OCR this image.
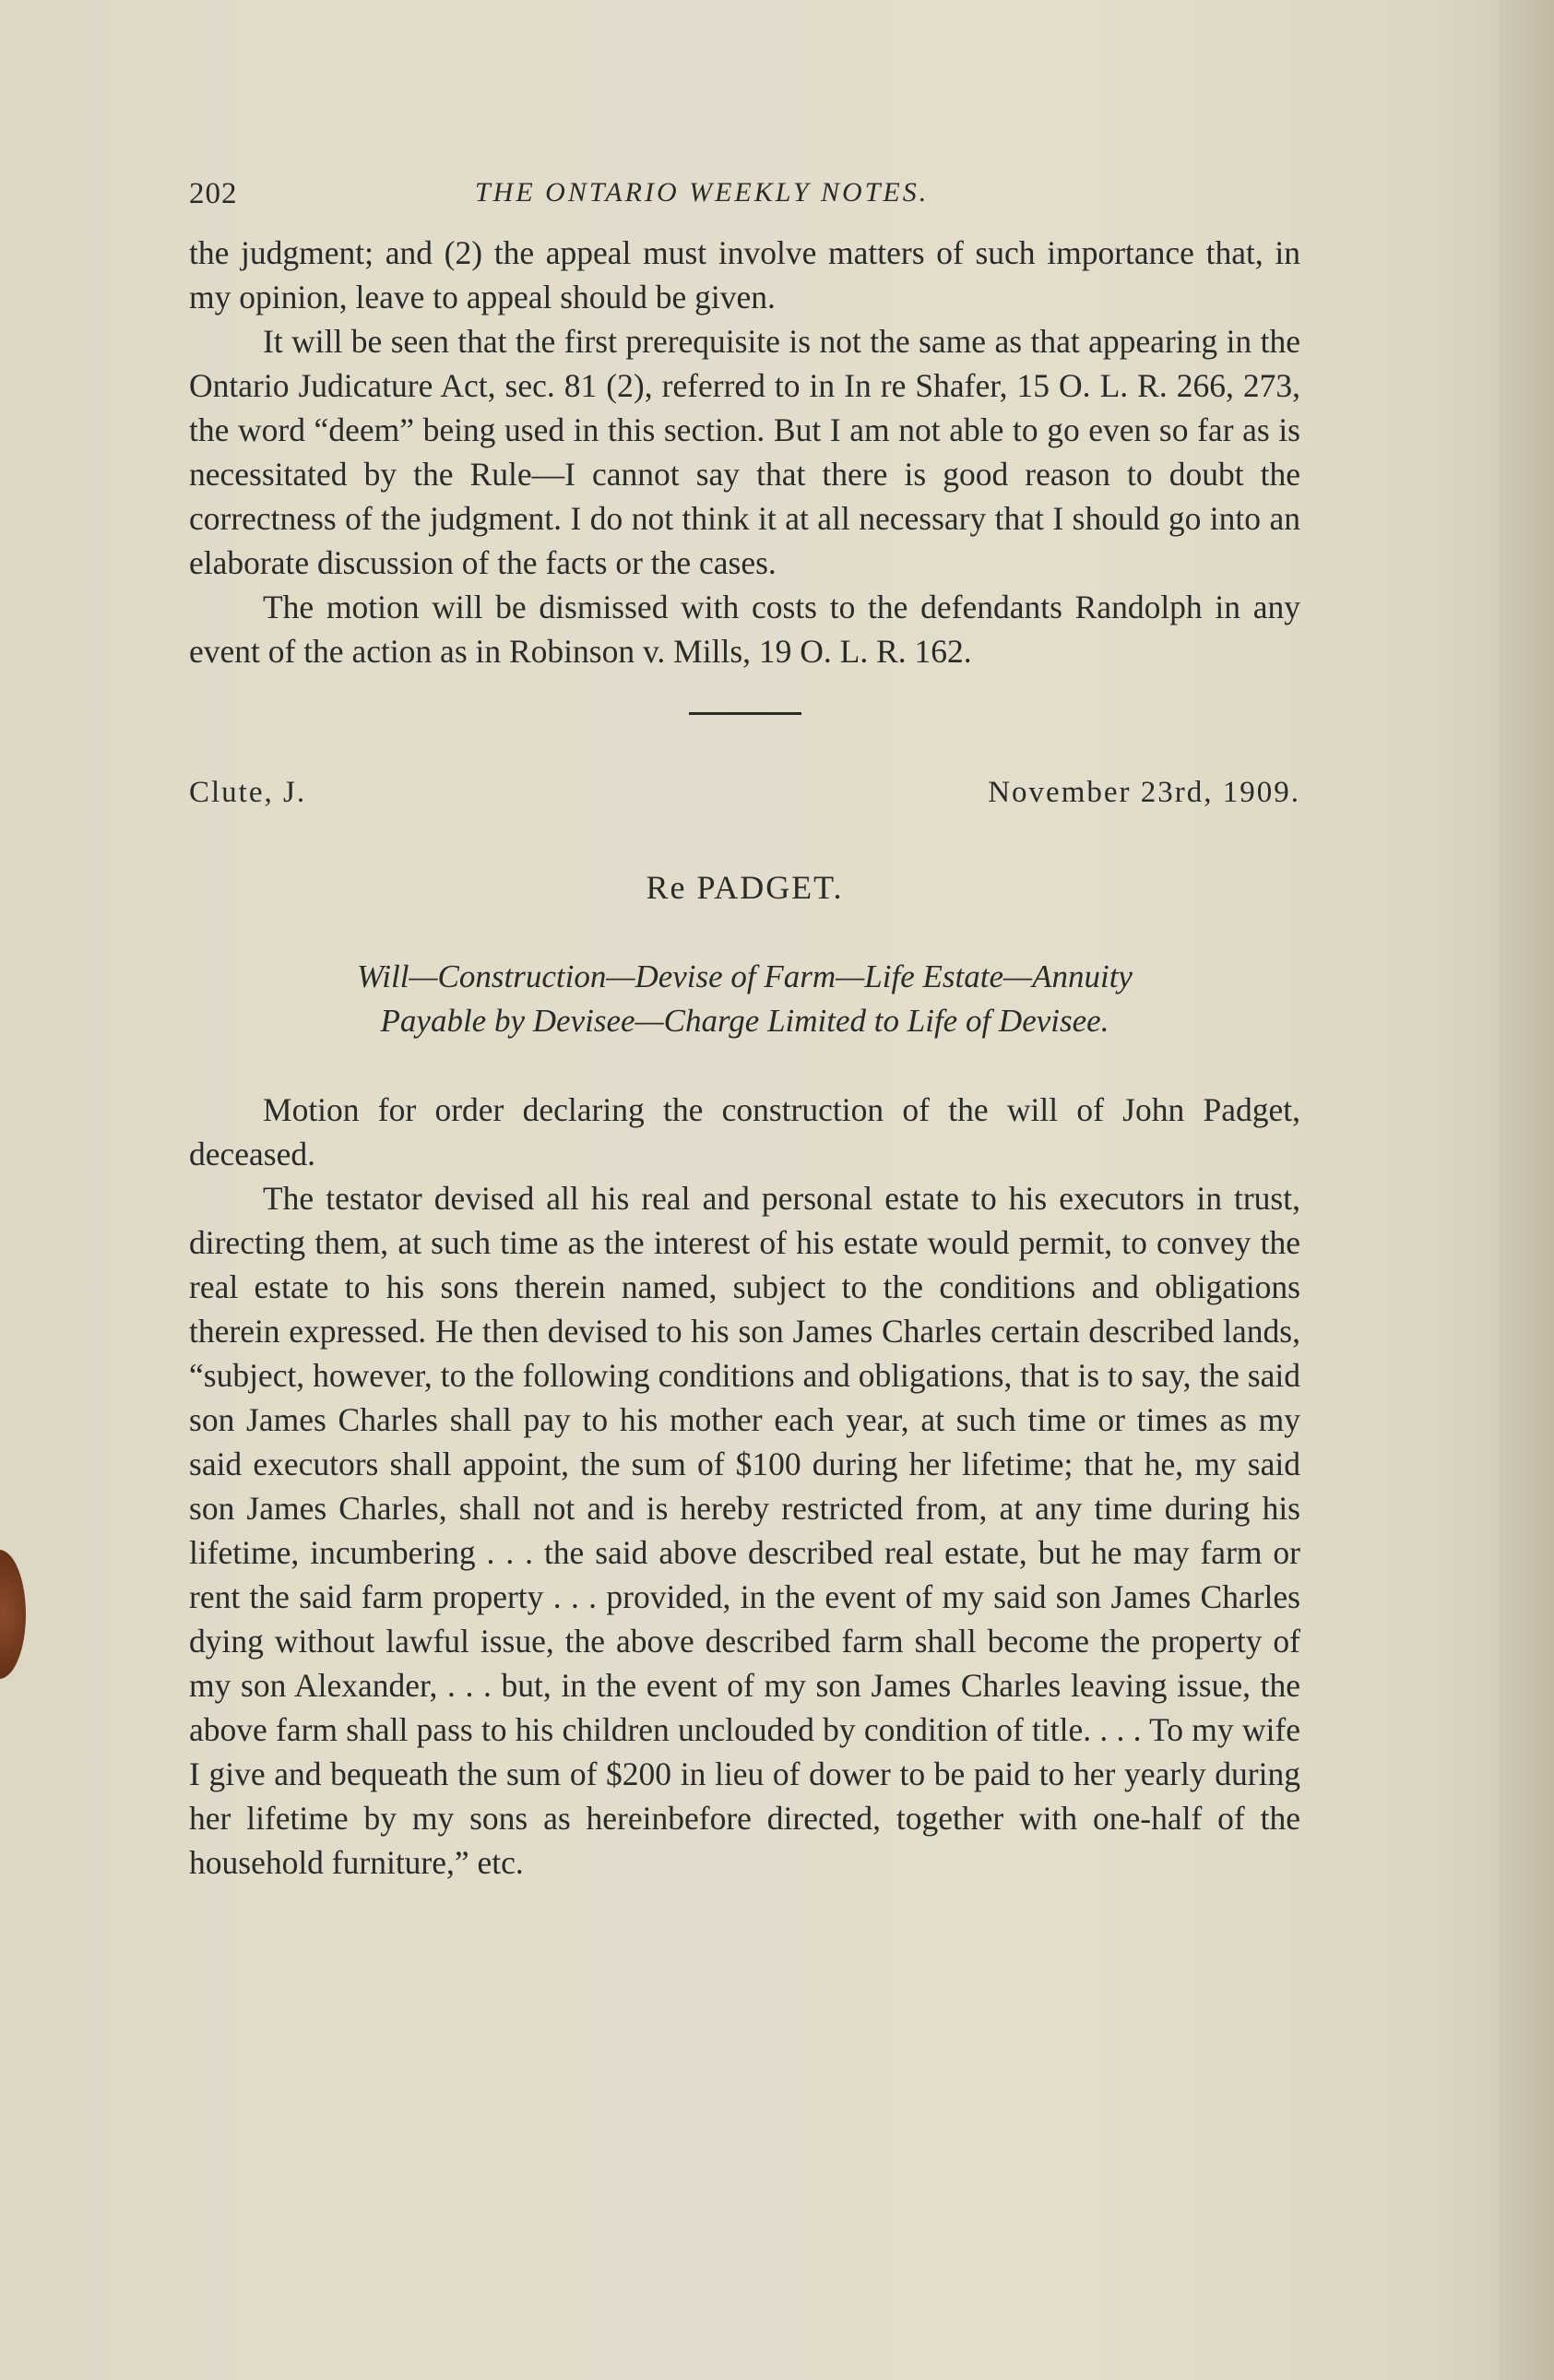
202	THE ONTARIO WEEKLY NOTES.

the judgment; and (2) the appeal must involve matters of such importance that, in my opinion, leave to appeal should be given.

It will be seen that the first prerequisite is not the same as that appearing in the Ontario Judicature Act, sec. 81 (2), referred to in In re Shafer, 15 O. L. R. 266, 273, the word “deem” being used in this section. But I am not able to go even so far as is necessitated by the Rule—I cannot say that there is good reason to doubt the correctness of the judgment. I do not think it at all necessary that I should go into an elaborate discussion of the facts or the cases.

The motion will be dismissed with costs to the defendants Randolph in any event of the action as in Robinson v. Mills, 19 O. L. R. 162.

Clute, J.	November 23rd, 1909.
Re PADGET.
Will—Construction—Devise of Farm—Life Estate—Annuity
Payable by Devisee—Charge Limited to Life of Devisee.

Motion for order declaring the construction of the will of John Padget, deceased.

The testator devised all his real and personal estate to his executors in trust, directing them, at such time as the interest of his estate would permit, to convey the real estate to his sons therein named, subject to the conditions and obligations therein expressed. He then devised to his son James Charles certain described lands, “subject, however, to the following conditions and obligations, that is to say, the said son James Charles shall pay to his mother each year, at such time or times as my said executors shall appoint, the sum of $100 during her lifetime; that he, my said son James Charles, shall not and is hereby restricted from, at any time during his lifetime, incumbering . . . the said above described real estate, but he may farm or rent the said farm property . . . provided, in the event of my said son James Charles dying without lawful issue, the above described farm shall become the property of my son Alexander, . . . but, in the event of my son James Charles leaving issue, the above farm shall pass to his children unclouded by condition of title. . . . To my wife I give and bequeath the sum of $200 in lieu of dower to be paid to her yearly during her lifetime by my sons as hereinbefore directed, together with one-half of the household furniture,” etc.
